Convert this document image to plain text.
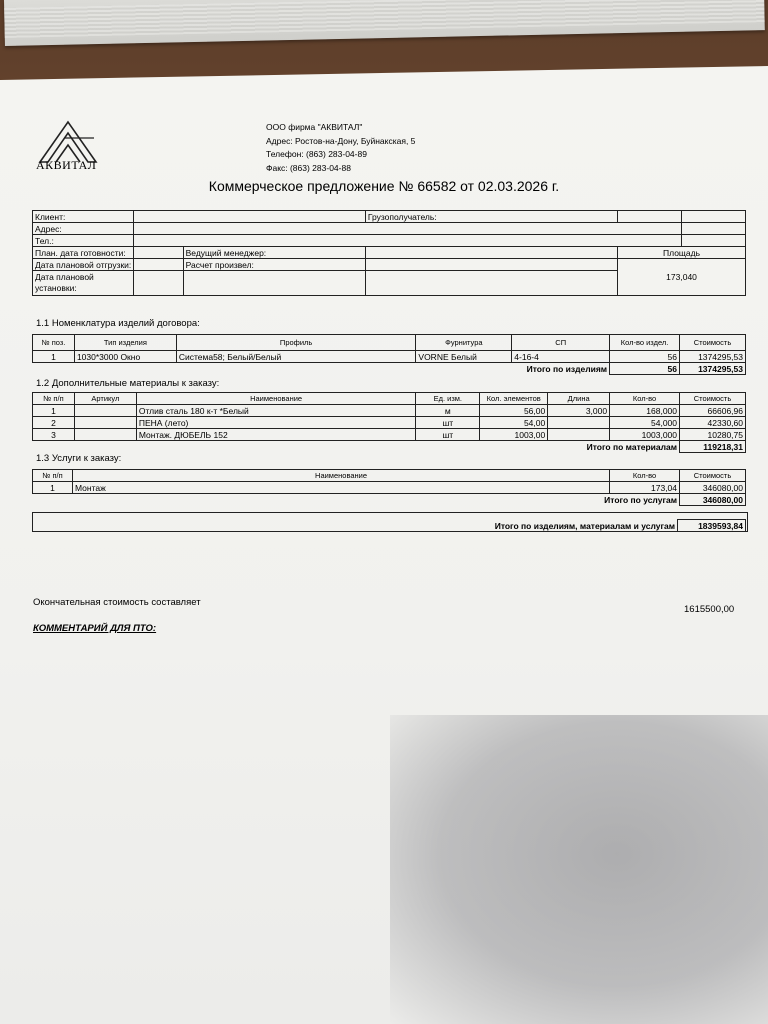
АКВИТАЛ
ООО фирма "АКВИТАЛ"
Адрес: Ростов-на-Дону, Буйнакская, 5
Телефон: (863) 283-04-89
Факс: (863) 283-04-88
Коммерческое предложение № 66582 от 02.03.2026 г.
Клиент:			Грузополучатель:		
Адрес:					
Тел.:					
План. дата готовности:		Ведущий менеджер:		Площадь	
Дата плановой отгрузки:		Расчет произвел:		173,040	
Дата плановой установки:					
1.1 Номенклатура изделий договора:
№ поз.	Тип изделия	Профиль	Фурнитура	СП	Кол-во издел.	Стоимость
1	1030*3000 Окно	Система58; Белый/Белый	VORNE Белый	4-16-4	56	1374295,53
Итого по изделиям					56	1374295,53
1.2 Дополнительные материалы к заказу:
№ п/п	Артикул	Наименование	Ед. изм.	Кол. элементов	Длина	Кол-во	Стоимость
1		Отлив сталь 180 к-т *Белый	м	56,00	3,000	168,000	66606,96
2		ПЕНА (лето)	шт	54,00		54,000	42330,60
3		Монтаж. ДЮБЕЛЬ 152	шт	1003,00		1003,000	10280,75
Итого по материалам							119218,31
1.3 Услуги к заказу:
№ п/п	Наименование	Кол-во	Стоимость
1	Монтаж	173,04	346080,00
Итого по услугам			346080,00
Итого по изделиям, материалам и услугам	1839593,84
Окончательная стоимость составляет
1615500,00
КОММЕНТАРИЙ ДЛЯ ПТО:
